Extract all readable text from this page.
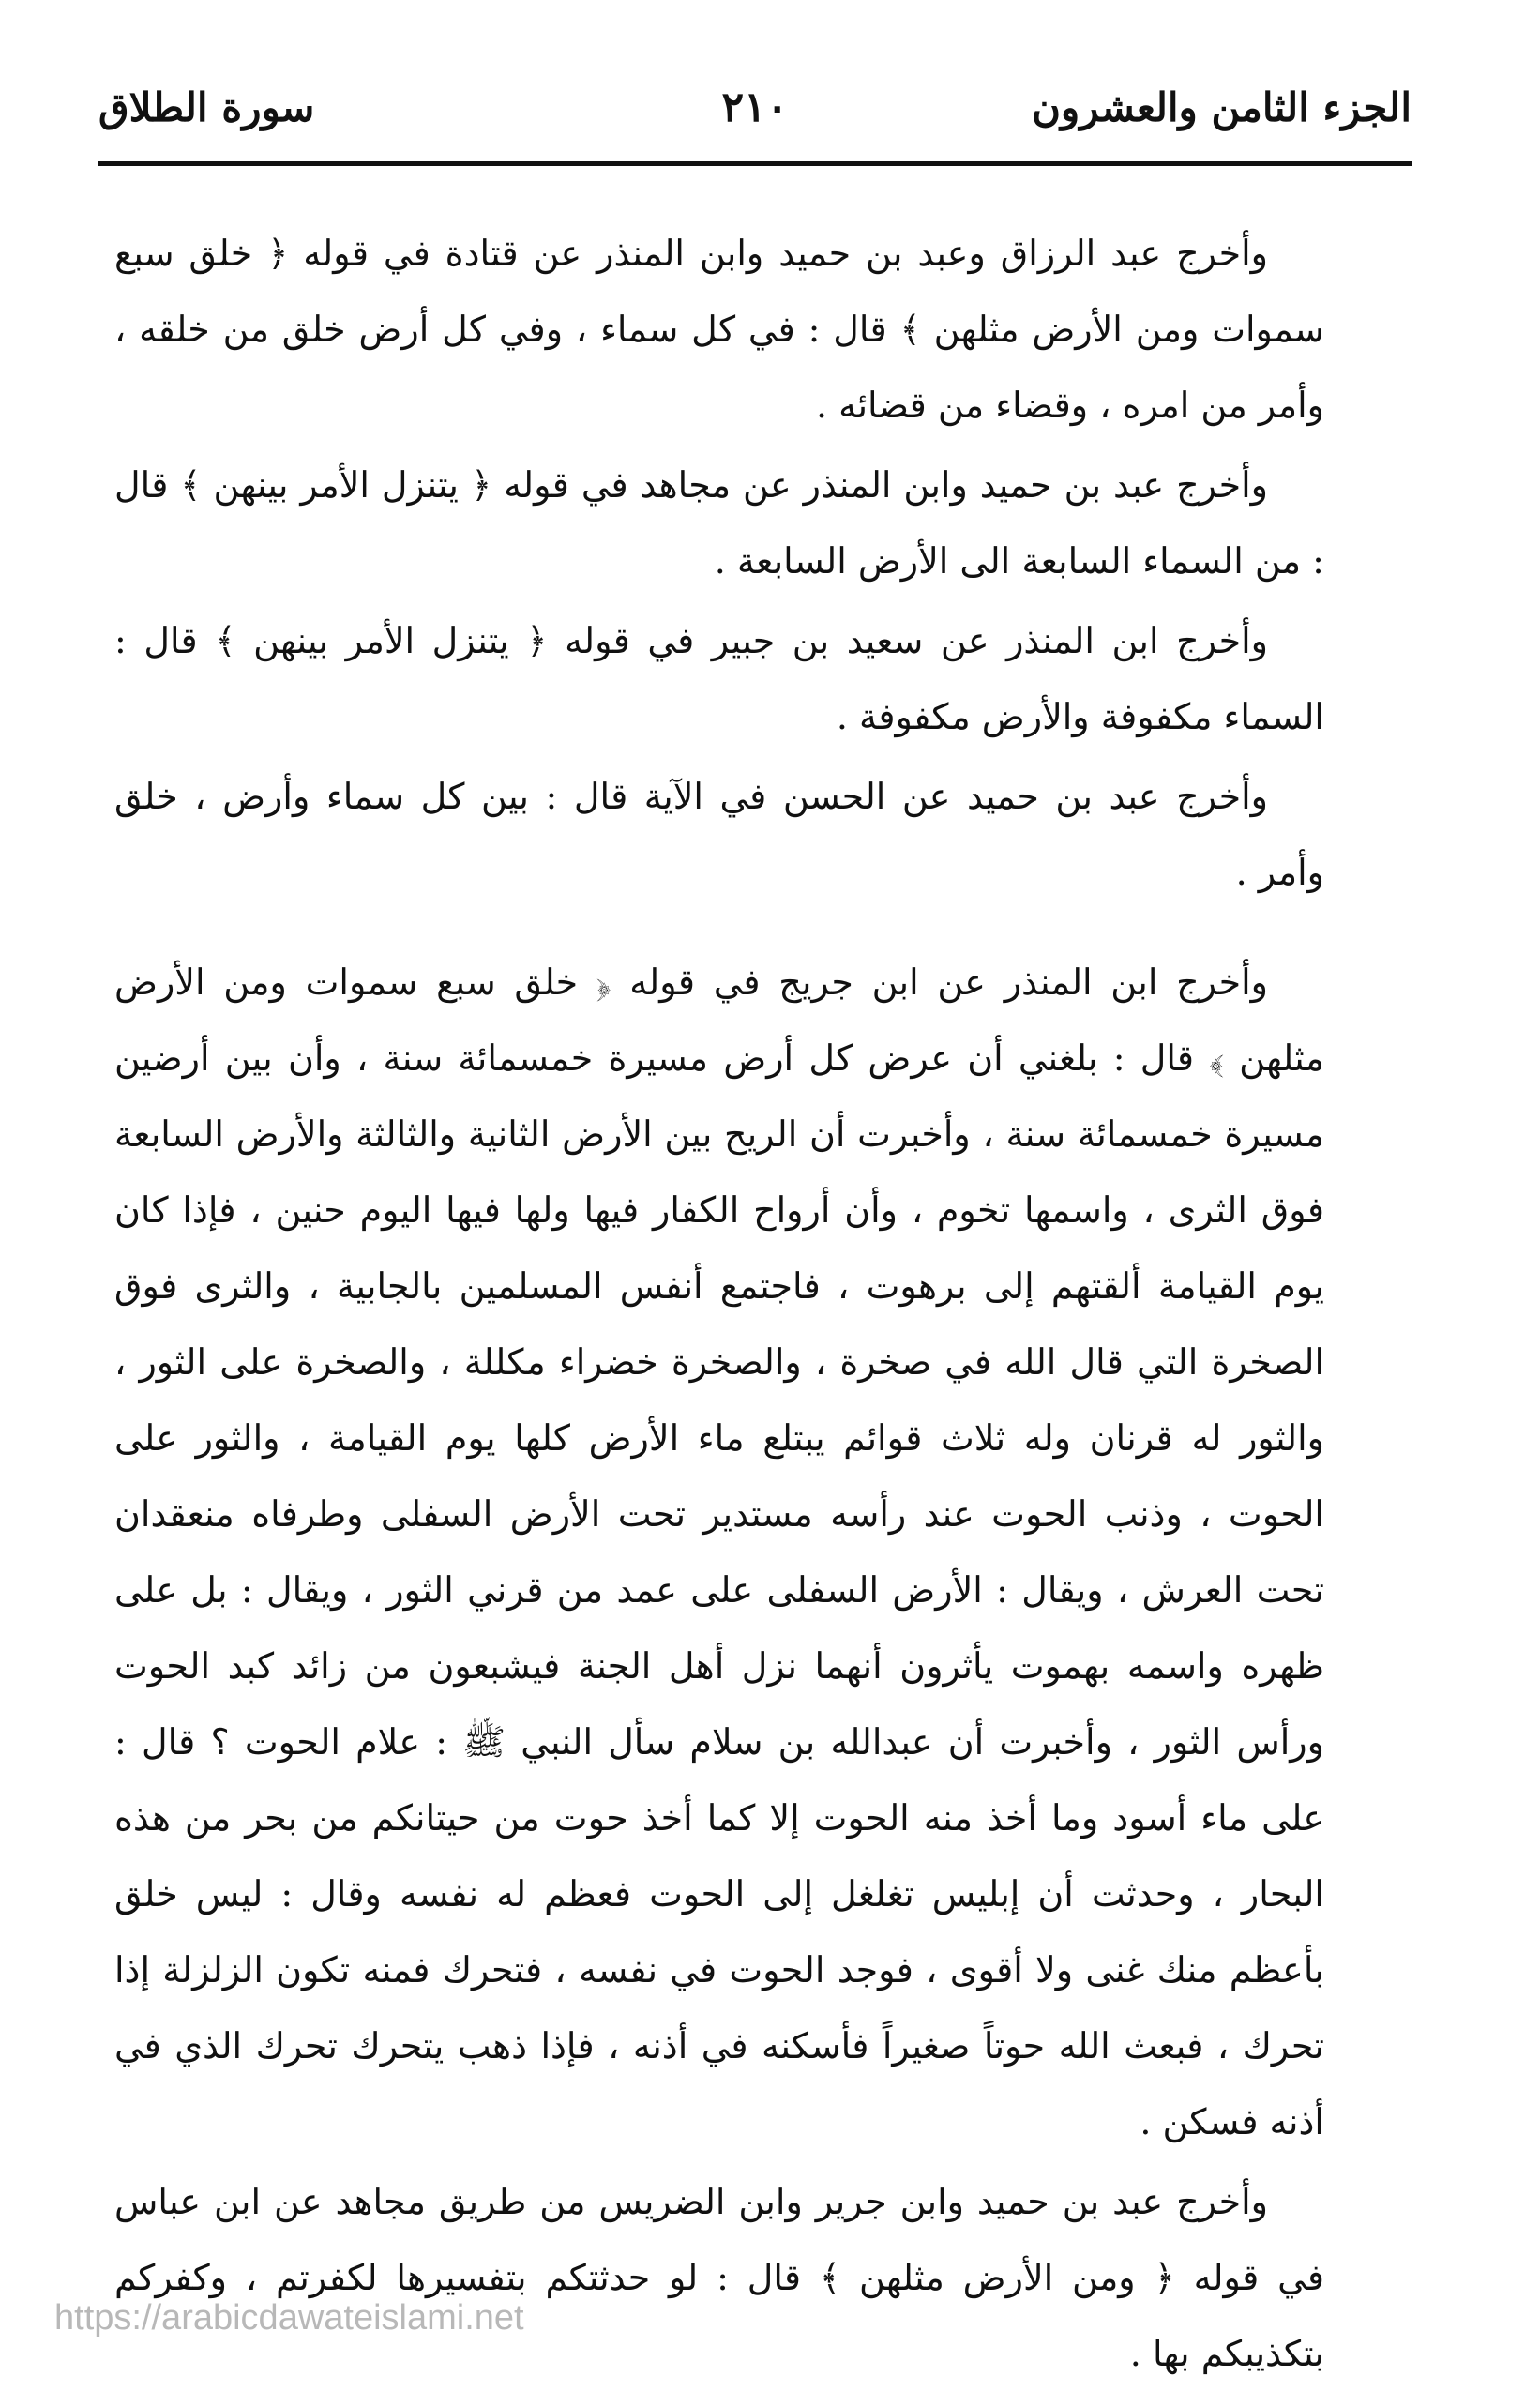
الجزء الثامن والعشرون
٢١٠
سورة الطلاق

وأخرج عبد الرزاق وعبد بن حميد وابن المنذر عن قتادة في قوله ﴿ خلق سبع سموات ومن الأرض مثلهن ﴾ قال : في كل سماء ، وفي كل أرض خلق من خلقه ، وأمر من امره ، وقضاء من قضائه .

وأخرج عبد بن حميد وابن المنذر عن مجاهد في قوله ﴿ يتنزل الأمر بينهن ﴾ قال : من السماء السابعة الى الأرض السابعة .

وأخرج ابن المنذر عن سعيد بن جبير في قوله ﴿ يتنزل الأمر بينهن ﴾ قال : السماء مكفوفة والأرض مكفوفة .

وأخرج عبد بن حميد عن الحسن في الآية قال : بين كل سماء وأرض ، خلق وأمر .

وأخرج ابن المنذر عن ابن جريج في قوله ﴿ خلق سبع سموات ومن الأرض مثلهن ﴾ قال : بلغني أن عرض كل أرض مسيرة خمسمائة سنة ، وأن بين أرضين مسيرة خمسمائة سنة ، وأخبرت أن الريح بين الأرض الثانية والثالثة والأرض السابعة فوق الثرى ، واسمها تخوم ، وأن أرواح الكفار فيها ولها فيها اليوم حنين ، فإذا كان يوم القيامة ألقتهم إلى برهوت ، فاجتمع أنفس المسلمين بالجابية ، والثرى فوق الصخرة التي قال الله في صخرة ، والصخرة خضراء مكللة ، والصخرة على الثور ، والثور له قرنان وله ثلاث قوائم يبتلع ماء الأرض كلها يوم القيامة ، والثور على الحوت ، وذنب الحوت عند رأسه مستدير تحت الأرض السفلى وطرفاه منعقدان تحت العرش ، ويقال : الأرض السفلى على عمد من قرني الثور ، ويقال : بل على ظهره واسمه بهموت يأثرون أنهما نزل أهل الجنة فيشبعون من زائد كبد الحوت ورأس الثور ، وأخبرت أن عبدالله بن سلام سأل النبي ﷺ : علام الحوت ؟ قال : على ماء أسود وما أخذ منه الحوت إلا كما أخذ حوت من حيتانكم من بحر من هذه البحار ، وحدثت أن إبليس تغلغل إلى الحوت فعظم له نفسه وقال : ليس خلق بأعظم منك غنى ولا أقوى ، فوجد الحوت في نفسه ، فتحرك فمنه تكون الزلزلة إذا تحرك ، فبعث الله حوتاً صغيراً فأسكنه في أذنه ، فإذا ذهب يتحرك تحرك الذي في أذنه فسكن .

وأخرج عبد بن حميد وابن جرير وابن الضريس من طريق مجاهد عن ابن عباس في قوله ﴿ ومن الأرض مثلهن ﴾ قال : لو حدثتكم بتفسيرها لكفرتم ، وكفركم بتكذيبكم بها .

https://arabicdawateislami.net
